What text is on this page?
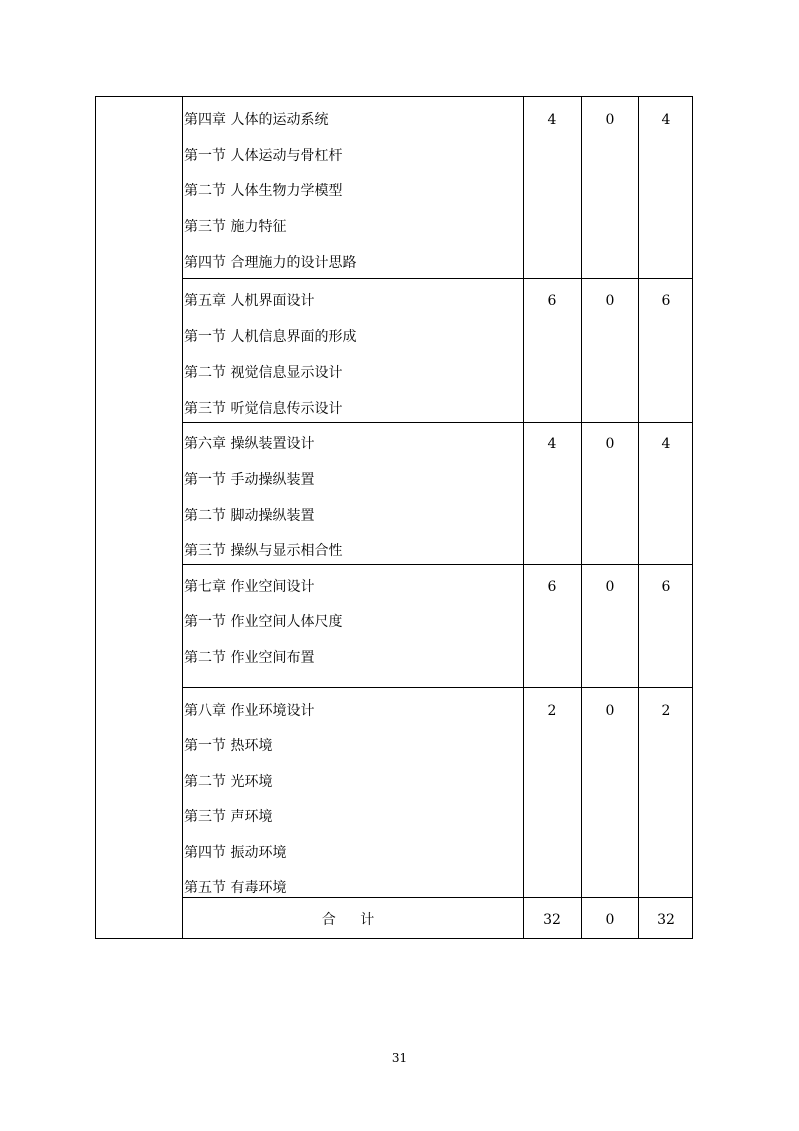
第四章 人体的运动系统
第一节 人体运动与骨杠杆
第二节 人体生物力学模型
第三节 施力特征
第四节 合理施力的设计思路
4	0	4
第五章 人机界面设计
第一节 人机信息界面的形成
第二节 视觉信息显示设计
第三节 听觉信息传示设计
6	0	6
第六章 操纵装置设计
第一节 手动操纵装置
第二节 脚动操纵装置
第三节 操纵与显示相合性
4	0	4
第七章 作业空间设计
第一节 作业空间人体尺度
第二节 作业空间布置
6	0	6
第八章 作业环境设计
第一节 热环境
第二节 光环境
第三节 声环境
第四节 振动环境
第五节 有毒环境
2	0	2
合 计	32	0	32
31
